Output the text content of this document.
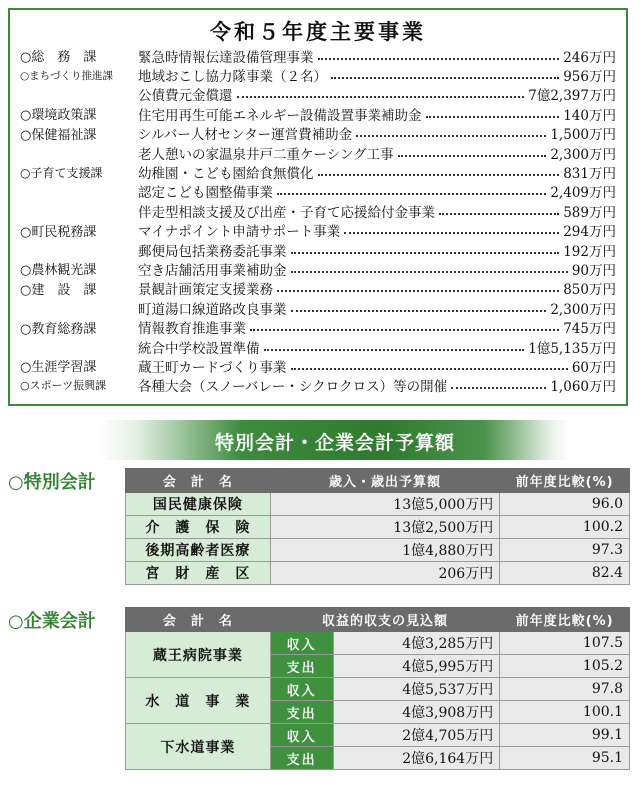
令和５年度主要事業
○総　務　課	緊急時情報伝達設備管理事業	246万円
○まちづくり推進課	地域おこし協力隊事業（２名）	956万円
公債費元金償還	7億2,397万円
○環境政策課	住宅用再生可能エネルギー設備設置事業補助金	140万円
○保健福祉課	シルバー人材センター運営費補助金	1,500万円
老人憩いの家温泉井戸二重ケーシング工事	2,300万円
○子育て支援課	幼稚園・こども園給食無償化	831万円
認定こども園整備事業	2,409万円
伴走型相談支援及び出産・子育て応援給付金事業	589万円
○町民税務課	マイナポイント申請サポート事業	294万円
郵便局包括業務委託事業	192万円
○農林観光課	空き店舗活用事業補助金	90万円
○建　設　課	景観計画策定支援業務	850万円
町道湯口線道路改良事業	2,300万円
○教育総務課	情報教育推進事業	745万円
統合中学校設置準備	1億5,135万円
○生涯学習課	蔵王町カードづくり事業	60万円
○スポーツ振興課	各種大会（スノーバレー・シクロクロス）等の開催	1,060万円
特別会計・企業会計予算額
○特別会計	会　計　名	歳入・歳出予算額	前年度比較(%)
国民健康保険	13億5,000万円	96.0
介　護　保　険	13億2,500万円	100.2
後期高齢者医療	1億4,880万円	97.3
宮　財　産　区	206万円	82.4
○企業会計	会　計　名	収益的収支の見込額		前年度比較(%)
蔵王病院事業	収入	4億3,285万円	107.5
	支出	4億5,995万円	105.2
水　道　事　業	収入	4億5,537万円	97.8
	支出	4億3,908万円	100.1
下水道事業	収入	2億4,705万円	99.1
	支出	2億6,164万円	95.1
